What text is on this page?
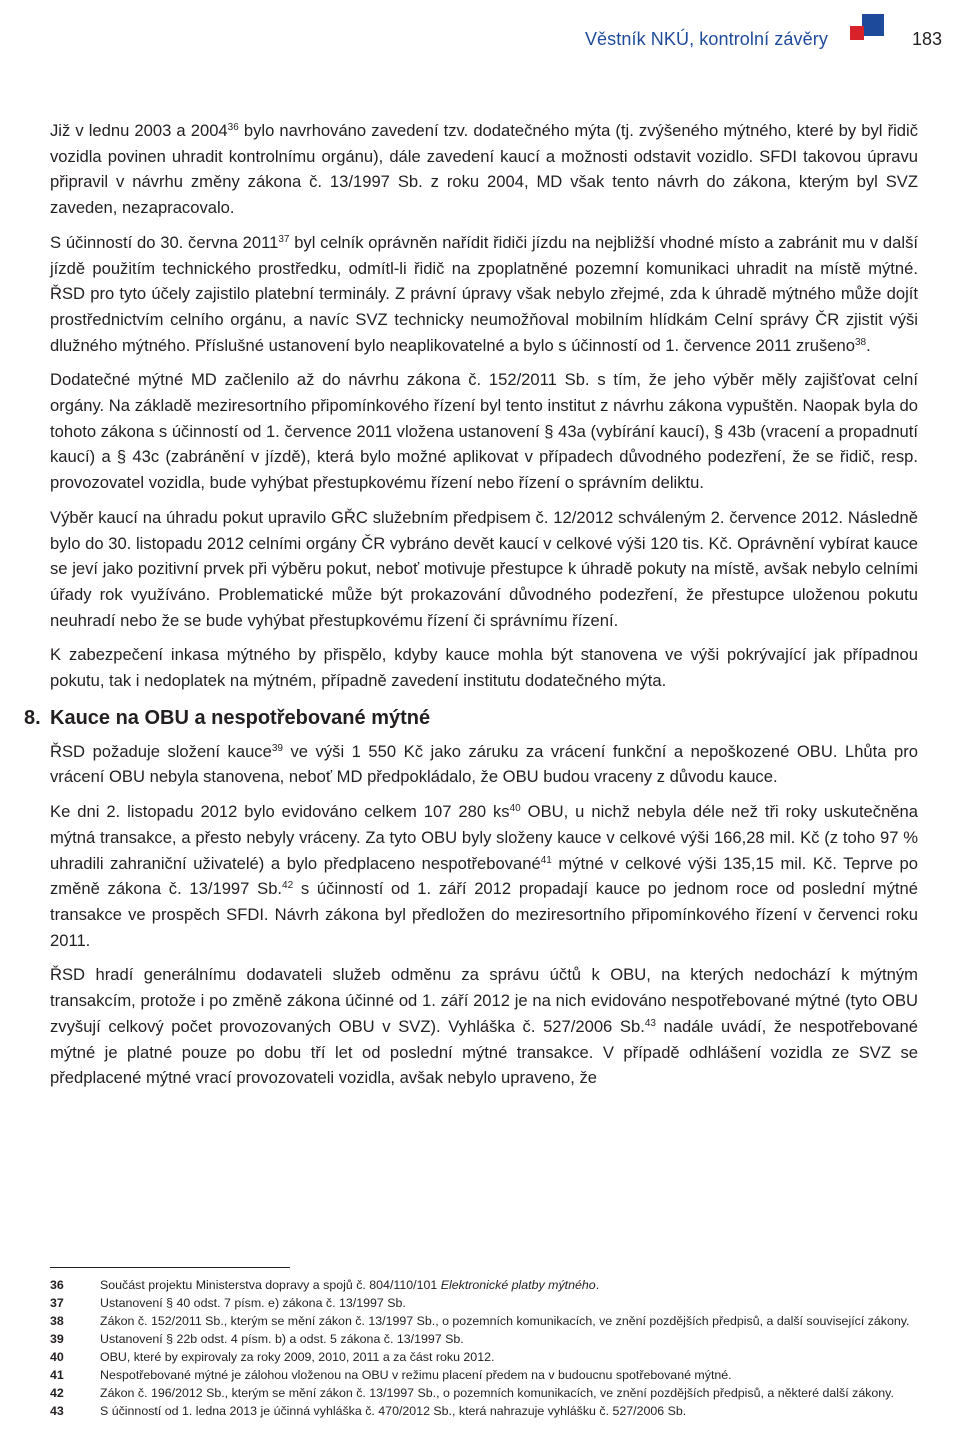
Věstník NKÚ, kontrolní závěry	183

Již v lednu 2003 a 2004$^{36}$ bylo navrhováno zavedení tzv. dodatečného mýta (tj. zvýšeného mýtného, které by byl řidič vozidla povinen uhradit kontrolnímu orgánu), dále zavedení kaucí a možnosti odstavit vozidlo. SFDI takovou úpravu připravil v návrhu změny zákona č. 13/1997 Sb. z roku 2004, MD však tento návrh do zákona, kterým byl SVZ zaveden, nezapracovalo.

S účinností do 30. června 2011$^{37}$ byl celník oprávněn nařídit řidiči jízdu na nejbližší vhodné místo a zabránit mu v další jízdě použitím technického prostředku, odmítl-li řidič na zpoplatněné pozemní komunikaci uhradit na místě mýtné. ŘSD pro tyto účely zajistilo platební terminály. Z právní úpravy však nebylo zřejmé, zda k úhradě mýtného může dojít prostřednictvím celního orgánu, a navíc SVZ technicky neumožňoval mobilním hlídkám Celní správy ČR zjistit výši dlužného mýtného. Příslušné ustanovení bylo neaplikovatelné a bylo s účinností od 1. července 2011 zrušeno$^{38}$.

Dodatečné mýtné MD začlenilo až do návrhu zákona č. 152/2011 Sb. s tím, že jeho výběr měly zajišťovat celní orgány. Na základě meziresortního připomínkového řízení byl tento institut z návrhu zákona vypuštěn. Naopak byla do tohoto zákona s účinností od 1. července 2011 vložena ustanovení § 43a (vybírání kaucí), § 43b (vracení a propadnutí kaucí) a § 43c (zabránění v jízdě), která bylo možné aplikovat v případech důvodného podezření, že se řidič, resp. provozovatel vozidla, bude vyhýbat přestupkovému řízení nebo řízení o správním deliktu.

Výběr kaucí na úhradu pokut upravilo GŘC služebním předpisem č. 12/2012 schváleným 2. července 2012. Následně bylo do 30. listopadu 2012 celními orgány ČR vybráno devět kaucí v celkové výši 120 tis. Kč. Oprávnění vybírat kauce se jeví jako pozitivní prvek při výběru pokut, neboť motivuje přestupce k úhradě pokuty na místě, avšak nebylo celními úřady rok využíváno. Problematické může být prokazování důvodného podezření, že přestupce uloženou pokutu neuhradí nebo že se bude vyhýbat přestupkovému řízení či správnímu řízení.

K zabezpečení inkasa mýtného by přispělo, kdyby kauce mohla být stanovena ve výši pokrývající jak případnou pokutu, tak i nedoplatek na mýtném, případně zavedení institutu dodatečného mýta.

8. Kauce na OBU a nespotřebované mýtné

ŘSD požaduje složení kauce$^{39}$ ve výši 1 550 Kč jako záruku za vrácení funkční a nepoškozené OBU. Lhůta pro vrácení OBU nebyla stanovena, neboť MD předpokládalo, že OBU budou vraceny z důvodu kauce.

Ke dni 2. listopadu 2012 bylo evidováno celkem 107 280 $ks^{40}$ OBU, u nichž nebyla déle než tři roky uskutečněna mýtná transakce, a přesto nebyly vráceny. Za tyto OBU byly složeny kauce v celkové výši 166,28 mil. Kč (z toho 97 % uhradili zahraniční uživatelé) a bylo předplaceno nespotřebované$^{41}$ mýtné v celkové výši 135,15 mil. Kč. Teprve po změně zákona č. 13/1997 Sb.$^{42}$ s účinností od 1. září 2012 propadají kauce po jednom roce od poslední mýtné transakce ve prospěch SFDI. Návrh zákona byl předložen do meziresortního připomínkového řízení v červenci roku 2011.

ŘSD hradí generálnímu dodavateli služeb odměnu za správu účtů k OBU, na kterých nedochází k mýtným transakcím, protože i po změně zákona účinné od 1. září 2012 je na nich evidováno nespotřebované mýtné (tyto OBU zvyšují celkový počet provozovaných OBU v SVZ). Vyhláška č. 527/2006 Sb.$^{43}$ nadále uvádí, že nespotřebované mýtné je platné pouze po dobu tří let od poslední mýtné transakce. V případě odhlášení vozidla ze SVZ se předplacené mýtné vrací provozovateli vozidla, avšak nebylo upraveno, že

36	Součást projektu Ministerstva dopravy a spojů č. 804/110/101 Elektronické platby mýtného.
37	Ustanovení § 40 odst. 7 písm. e) zákona č. 13/1997 Sb.
38	Zákon č. 152/2011 Sb., kterým se mění zákon č. 13/1997 Sb., o pozemních komunikacích, ve znění pozdějších předpisů, a další související zákony.
39	Ustanovení § 22b odst. 4 písm. b) a odst. 5 zákona č. 13/1997 Sb.
40	OBU, které by expirovaly za roky 2009, 2010, 2011 a za část roku 2012.
41	Nespotřebované mýtné je zálohou vloženou na OBU v režimu placení předem na v budoucnu spotřebované mýtné.
42	Zákon č. 196/2012 Sb., kterým se mění zákon č. 13/1997 Sb., o pozemních komunikacích, ve znění pozdějších předpisů, a některé další zákony.
43	S účinností od 1. ledna 2013 je účinná vyhláška č. 470/2012 Sb., která nahrazuje vyhlášku č. 527/2006 Sb.
